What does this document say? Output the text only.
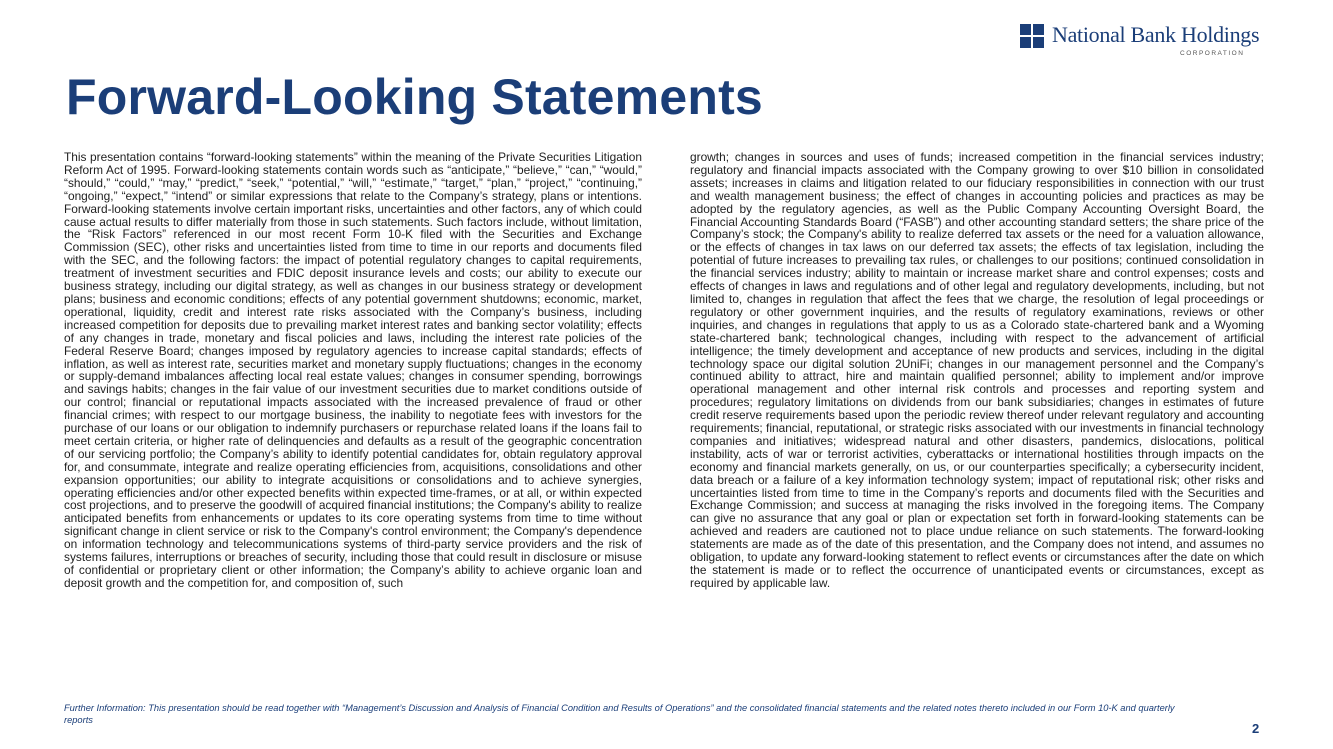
National Bank Holdings
CORPORATION
Forward-Looking Statements

This presentation contains “forward-looking statements” within the meaning of the Private Securities Litigation Reform Act of 1995. Forward-looking statements contain words such as “anticipate,” “believe,” “can,” “would,” “should,” “could,” “may,” “predict,” “seek,” “potential,” “will,” “estimate,” “target,” “plan,” “project,” “continuing,” “ongoing,” “expect,” “intend” or similar expressions that relate to the Company’s strategy, plans or intentions. Forward-looking statements involve certain important risks, uncertainties and other factors, any of which could cause actual results to differ materially from those in such statements. Such factors include, without limitation, the “Risk Factors” referenced in our most recent Form 10-K filed with the Securities and Exchange Commission (SEC), other risks and uncertainties listed from time to time in our reports and documents filed with the SEC, and the following factors: the impact of potential regulatory changes to capital requirements, treatment of investment securities and FDIC deposit insurance levels and costs; our ability to execute our business strategy, including our digital strategy, as well as changes in our business strategy or development plans; business and economic conditions; effects of any potential government shutdowns; economic, market, operational, liquidity, credit and interest rate risks associated with the Company’s business, including increased competition for deposits due to prevailing market interest rates and banking sector volatility; effects of any changes in trade, monetary and fiscal policies and laws, including the interest rate policies of the Federal Reserve Board; changes imposed by regulatory agencies to increase capital standards; effects of inflation, as well as interest rate, securities market and monetary supply fluctuations; changes in the economy or supply-demand imbalances affecting local real estate values; changes in consumer spending, borrowings and savings habits; changes in the fair value of our investment securities due to market conditions outside of our control; financial or reputational impacts associated with the increased prevalence of fraud or other financial crimes; with respect to our mortgage business, the inability to negotiate fees with investors for the purchase of our loans or our obligation to indemnify purchasers or repurchase related loans if the loans fail to meet certain criteria, or higher rate of delinquencies and defaults as a result of the geographic concentration of our servicing portfolio; the Company’s ability to identify potential candidates for, obtain regulatory approval for, and consummate, integrate and realize operating efficiencies from, acquisitions, consolidations and other expansion opportunities; our ability to integrate acquisitions or consolidations and to achieve synergies, operating efficiencies and/or other expected benefits within expected time-frames, or at all, or within expected cost projections, and to preserve the goodwill of acquired financial institutions; the Company's ability to realize anticipated benefits from enhancements or updates to its core operating systems from time to time without significant change in client service or risk to the Company's control environment; the Company's dependence on information technology and telecommunications systems of third-party service providers and the risk of systems failures, interruptions or breaches of security, including those that could result in disclosure or misuse of confidential or proprietary client or other information; the Company’s ability to achieve organic loan and deposit growth and the competition for, and composition of, such

growth; changes in sources and uses of funds; increased competition in the financial services industry; regulatory and financial impacts associated with the Company growing to over $10 billion in consolidated assets; increases in claims and litigation related to our fiduciary responsibilities in connection with our trust and wealth management business; the effect of changes in accounting policies and practices as may be adopted by the regulatory agencies, as well as the Public Company Accounting Oversight Board, the Financial Accounting Standards Board (“FASB”) and other accounting standard setters; the share price of the Company’s stock; the Company's ability to realize deferred tax assets or the need for a valuation allowance, or the effects of changes in tax laws on our deferred tax assets; the effects of tax legislation, including the potential of future increases to prevailing tax rules, or challenges to our positions; continued consolidation in the financial services industry; ability to maintain or increase market share and control expenses; costs and effects of changes in laws and regulations and of other legal and regulatory developments, including, but not limited to, changes in regulation that affect the fees that we charge, the resolution of legal proceedings or regulatory or other government inquiries, and the results of regulatory examinations, reviews or other inquiries, and changes in regulations that apply to us as a Colorado state-chartered bank and a Wyoming state-chartered bank; technological changes, including with respect to the advancement of artificial intelligence; the timely development and acceptance of new products and services, including in the digital technology space our digital solution 2UniFi; changes in our management personnel and the Company’s continued ability to attract, hire and maintain qualified personnel; ability to implement and/or improve operational management and other internal risk controls and processes and reporting system and procedures; regulatory limitations on dividends from our bank subsidiaries; changes in estimates of future credit reserve requirements based upon the periodic review thereof under relevant regulatory and accounting requirements; financial, reputational, or strategic risks associated with our investments in financial technology companies and initiatives; widespread natural and other disasters, pandemics, dislocations, political instability, acts of war or terrorist activities, cyberattacks or international hostilities through impacts on the economy and financial markets generally, on us, or our counterparties specifically; a cybersecurity incident, data breach or a failure of a key information technology system; impact of reputational risk; other risks and uncertainties listed from time to time in the Company’s reports and documents filed with the Securities and Exchange Commission; and success at managing the risks involved in the foregoing items. The Company can give no assurance that any goal or plan or expectation set forth in forward-looking statements can be achieved and readers are cautioned not to place undue reliance on such statements. The forward-looking statements are made as of the date of this presentation, and the Company does not intend, and assumes no obligation, to update any forward-looking statement to reflect events or circumstances after the date on which the statement is made or to reflect the occurrence of unanticipated events or circumstances, except as required by applicable law.

Further Information: This presentation should be read together with “Management’s Discussion and Analysis of Financial Condition and Results of Operations” and the consolidated financial statements and the related notes thereto included in our Form 10-K and quarterly reports

2
